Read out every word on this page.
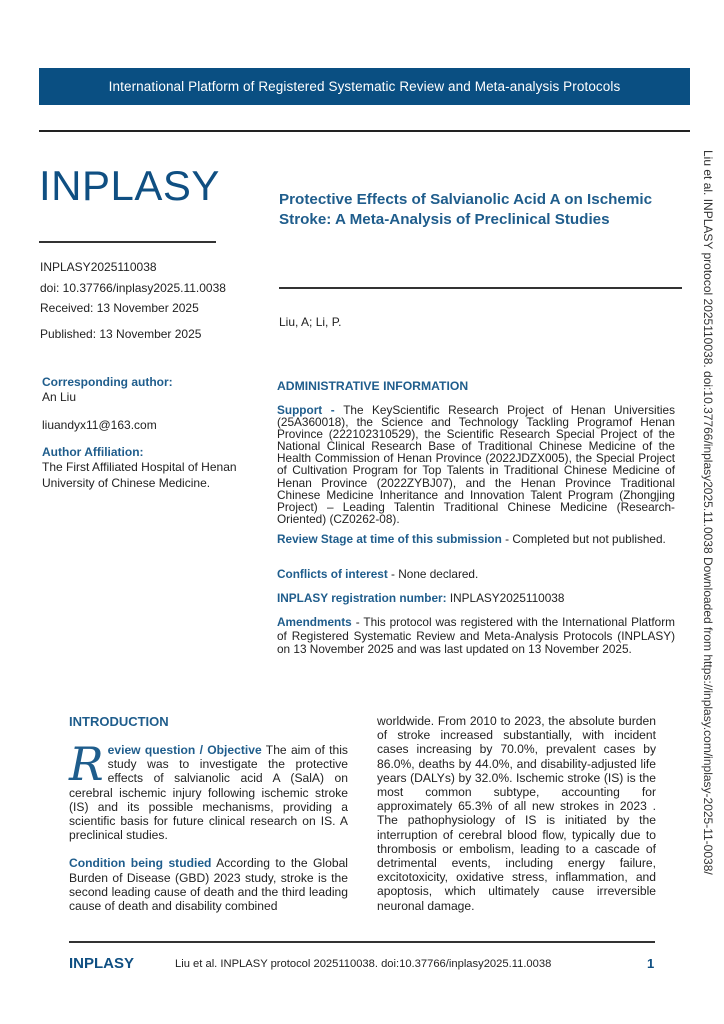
International Platform of Registered Systematic Review and Meta-analysis Protocols
INPLASY
INPLASY2025110038
doi: 10.37766/inplasy2025.11.0038
Received: 13 November 2025
Published: 13 November 2025
Protective Effects of Salvianolic Acid A on Ischemic
Stroke: A Meta-Analysis of Preclinical Studies
Liu, A; Li, P.
Corresponding author:
An Liu
liuandyx11@163.com
Author Affiliation:
The First Affiliated Hospital of Henan University of Chinese Medicine.
ADMINISTRATIVE INFORMATION
Support - The KeyScientific Research Project of Henan Universities (25A360018), the Science and Technology Tackling Programof Henan Province (222102310529), the Scientific Research Special Project of the National Clinical Research Base of Traditional Chinese Medicine of the Health Commission of Henan Province (2022JDZX005), the Special Project of Cultivation Program for Top Talents in Traditional Chinese Medicine of Henan Province (2022ZYBJ07), and the Henan Province Traditional Chinese Medicine Inheritance and Innovation Talent Program (Zhongjing Project) – Leading Talentin Traditional Chinese Medicine (Research-Oriented) (CZ0262-08).
Review Stage at time of this submission - Completed but not published.
Conflicts of interest - None declared.
INPLASY registration number: INPLASY2025110038
Amendments - This protocol was registered with the International Platform of Registered Systematic Review and Meta-Analysis Protocols (INPLASY) on 13 November 2025 and was last updated on 13 November 2025.
INTRODUCTION
Review question / Objective The aim of this study was to investigate the protective effects of salvianolic acid A (SalA) on cerebral ischemic injury following ischemic stroke (IS) and its possible mechanisms, providing a scientific basis for future clinical research on IS. A preclinical studies.
Condition being studied According to the Global Burden of Disease (GBD) 2023 study, stroke is the second leading cause of death and the third leading cause of death and disability combined
worldwide. From 2010 to 2023, the absolute burden of stroke increased substantially, with incident cases increasing by 70.0%, prevalent cases by 86.0%, deaths by 44.0%, and disability-adjusted life years (DALYs) by 32.0%. Ischemic stroke (IS) is the most common subtype, accounting for approximately 65.3% of all new strokes in 2023 . The pathophysiology of IS is initiated by the interruption of cerebral blood flow, typically due to thrombosis or embolism, leading to a cascade of detrimental events, including energy failure, excitotoxicity, oxidative stress, inflammation, and apoptosis, which ultimately cause irreversible neuronal damage.
INPLASY	Liu et al. INPLASY protocol 2025110038. doi:10.37766/inplasy2025.11.0038	1
Liu et al. INPLASY protocol 2025110038. doi:10.37766/inplasy2025.11.0038 Downloaded from https://inplasy.com/inplasy-2025-11-0038/
